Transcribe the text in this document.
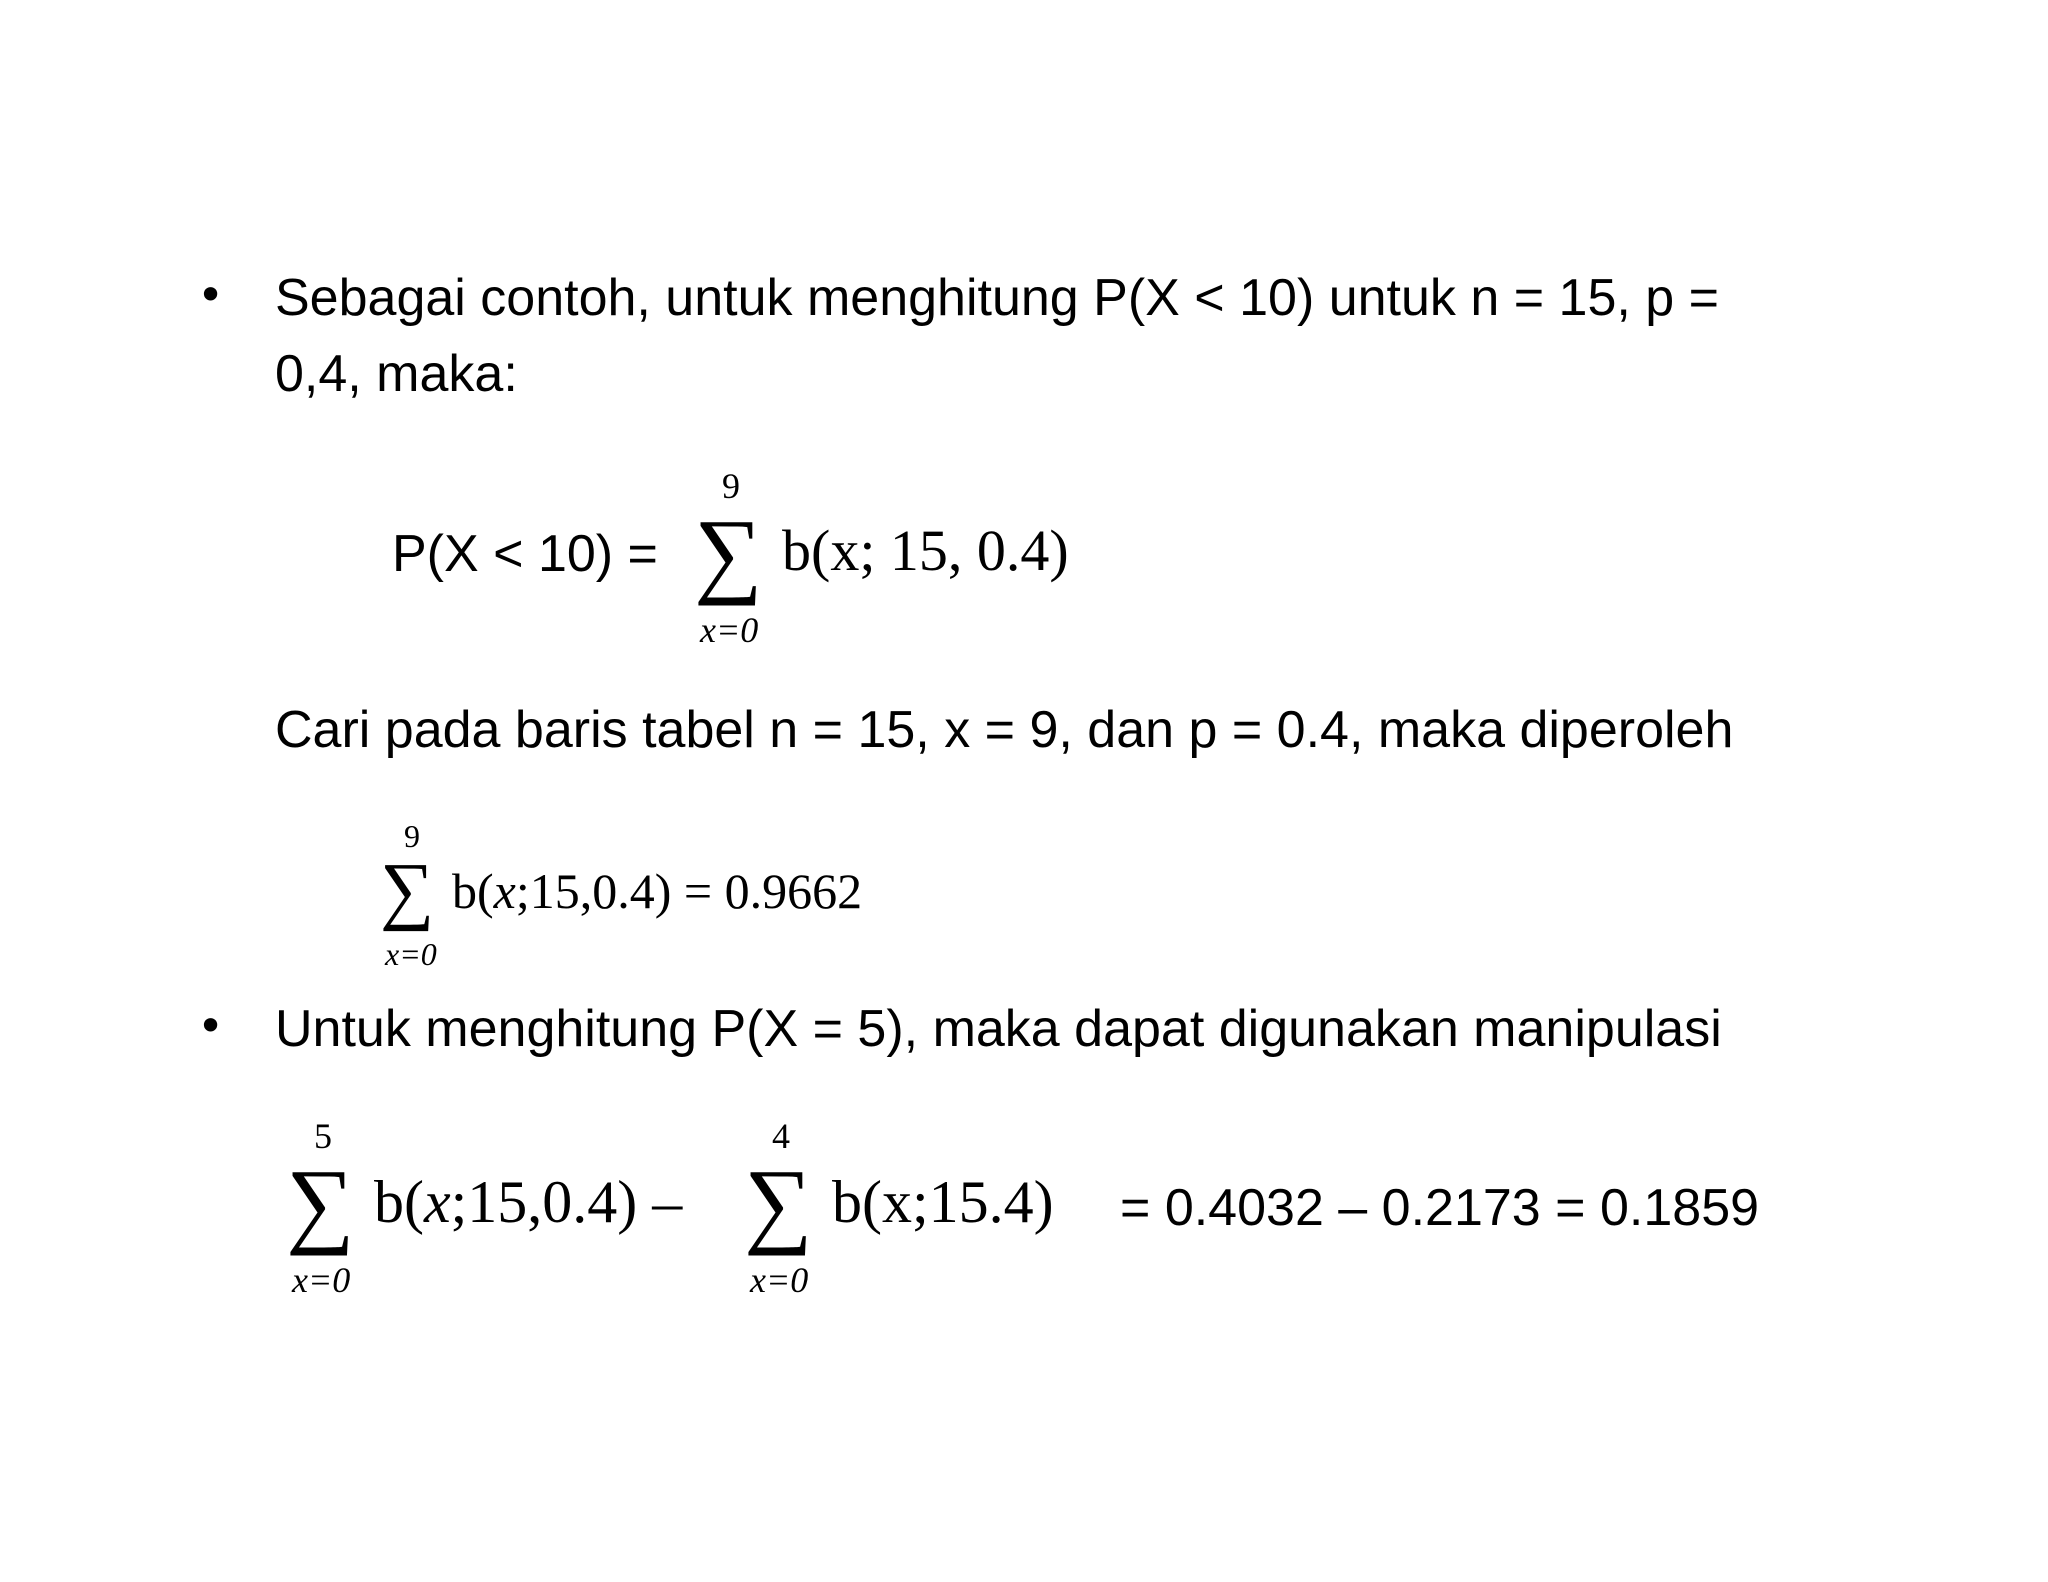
• Sebagai contoh, untuk menghitung P(X < 10) untuk n = 15, p =
0,4, maka:
P(X < 10) =
9
∑
x=0
b(x; 15, 0.4)
Cari pada baris tabel n = 15, x = 9, dan p = 0.4, maka diperoleh
9
∑
x=0
b(x;15,0.4) = 0.9662
• Untuk menghitung P(X = 5), maka dapat digunakan manipulasi
5
∑
x=0
b(x;15,0.4) –
4
∑
x=0
b(x;15.4) = 0.4032 – 0.2173 = 0.1859
